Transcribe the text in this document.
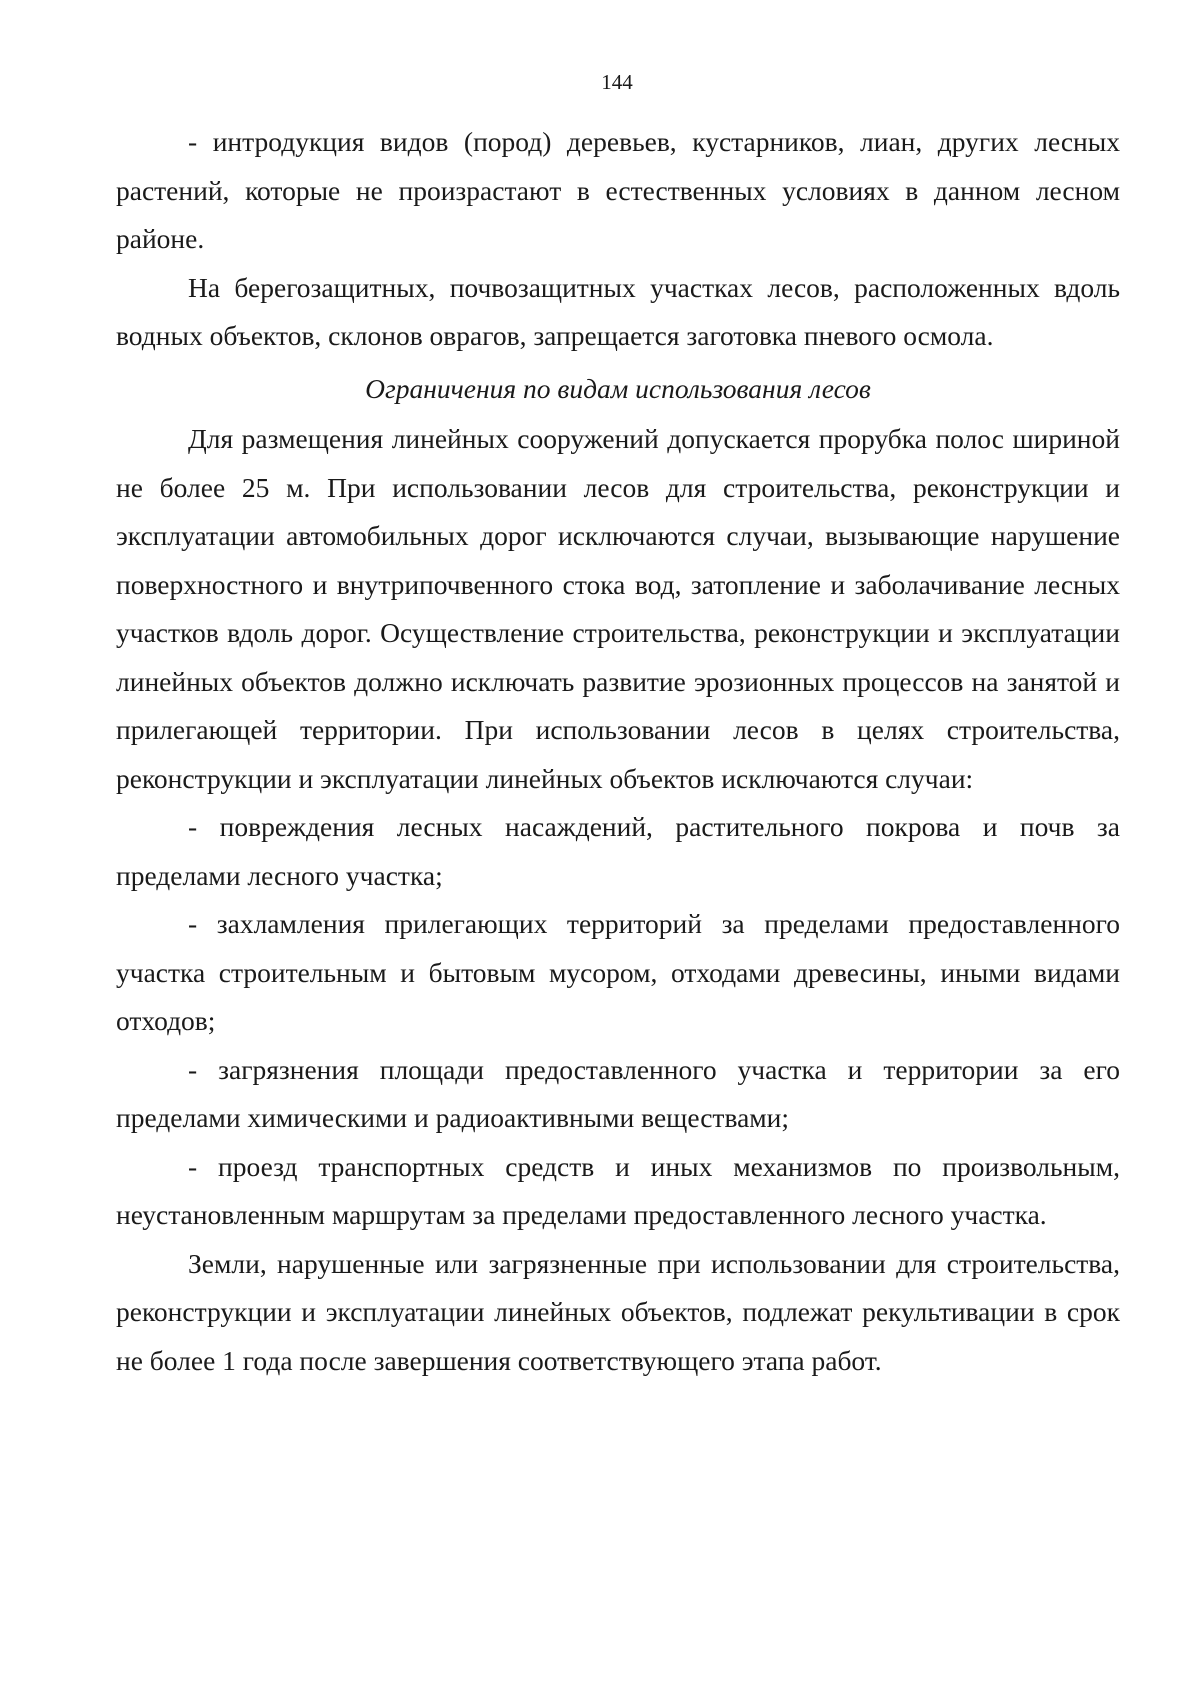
144

- интродукция видов (пород) деревьев, кустарников, лиан, других лесных растений, которые не произрастают в естественных условиях в данном лесном районе.

На берегозащитных, почвозащитных участках лесов, расположенных вдоль водных объектов, склонов оврагов, запрещается заготовка пневого осмола.

Ограничения по видам использования лесов

Для размещения линейных сооружений допускается прорубка полос шириной не более 25 м. При использовании лесов для строительства, реконструкции и эксплуатации автомобильных дорог исключаются случаи, вызывающие нарушение поверхностного и внутрипочвенного стока вод, затопление и заболачивание лесных участков вдоль дорог. Осуществление строительства, реконструкции и эксплуатации линейных объектов должно исключать развитие эрозионных процессов на занятой и прилегающей территории. При использовании лесов в целях строительства, реконструкции и эксплуатации линейных объектов исключаются случаи:

- повреждения лесных насаждений, растительного покрова и почв за пределами лесного участка;

- захламления прилегающих территорий за пределами предоставленного участка строительным и бытовым мусором, отходами древесины, иными видами отходов;

- загрязнения площади предоставленного участка и территории за его пределами химическими и радиоактивными веществами;

- проезд транспортных средств и иных механизмов по произвольным, неустановленным маршрутам за пределами предоставленного лесного участка.

Земли, нарушенные или загрязненные при использовании для строительства, реконструкции и эксплуатации линейных объектов, подлежат рекультивации в срок не более 1 года после завершения соответствующего этапа работ.
